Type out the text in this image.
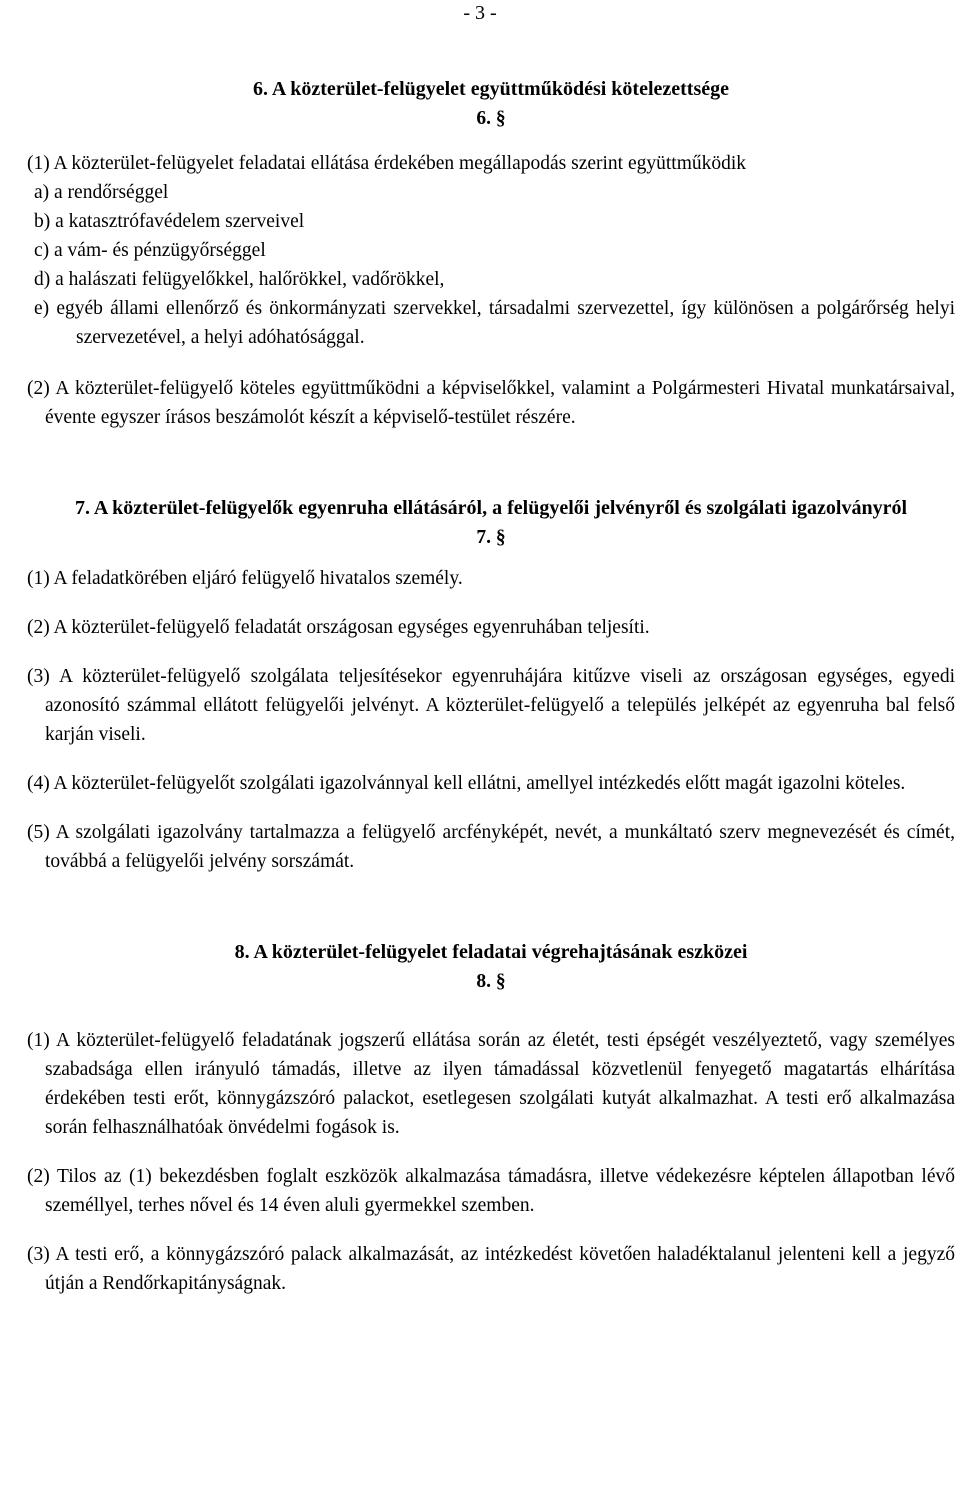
- 3 -
6. A közterület-felügyelet együttműködési kötelezettsége
6. §

(1) A közterület-felügyelet feladatai ellátása érdekében megállapodás szerint együttműködik

a) a rendőrséggel
b) a katasztrófavédelem szerveivel
c) a vám- és pénzügyőrséggel
d) a halászati felügyelőkkel, halőrökkel, vadőrökkel,
e) egyéb állami ellenőrző és önkormányzati szervekkel, társadalmi szervezettel, így különösen a polgárőrség helyi szervezetével, a helyi adóhatósággal.

(2) A közterület-felügyelő köteles együttműködni a képviselőkkel, valamint a Polgármesteri Hivatal munkatársaival, évente egyszer írásos beszámolót készít a képviselő-testület részére.

7. A közterület-felügyelők egyenruha ellátásáról, a felügyelői jelvényről és szolgálati igazolványról
7. §

(1) A feladatkörében eljáró felügyelő hivatalos személy.

(2) A közterület-felügyelő feladatát országosan egységes egyenruhában teljesíti.

(3) A közterület-felügyelő szolgálata teljesítésekor egyenruhájára kitűzve viseli az országosan egységes, egyedi azonosító számmal ellátott felügyelői jelvényt. A közterület-felügyelő a település jelképét az egyenruha bal felső karján viseli.

(4) A közterület-felügyelőt szolgálati igazolvánnyal kell ellátni, amellyel intézkedés előtt magát igazolni köteles.

(5) A szolgálati igazolvány tartalmazza a felügyelő arcfényképét, nevét, a munkáltató szerv megnevezését és címét, továbbá a felügyelői jelvény sorszámát.

8. A közterület-felügyelet feladatai végrehajtásának eszközei
8. §

(1) A közterület-felügyelő feladatának jogszerű ellátása során az életét, testi épségét veszélyeztető, vagy személyes szabadsága ellen irányuló támadás, illetve az ilyen támadással közvetlenül fenyegető magatartás elhárítása érdekében testi erőt, könnygázszóró palackot, esetlegesen szolgálati kutyát alkalmazhat. A testi erő alkalmazása során felhasználhatóak önvédelmi fogások is.

(2) Tilos az (1) bekezdésben foglalt eszközök alkalmazása támadásra, illetve védekezésre képtelen állapotban lévő személlyel, terhes nővel és 14 éven aluli gyermekkel szemben.

(3) A testi erő, a könnygázszóró palack alkalmazását, az intézkedést követően haladéktalanul jelenteni kell a jegyző útján a Rendőrkapitányságnak.
